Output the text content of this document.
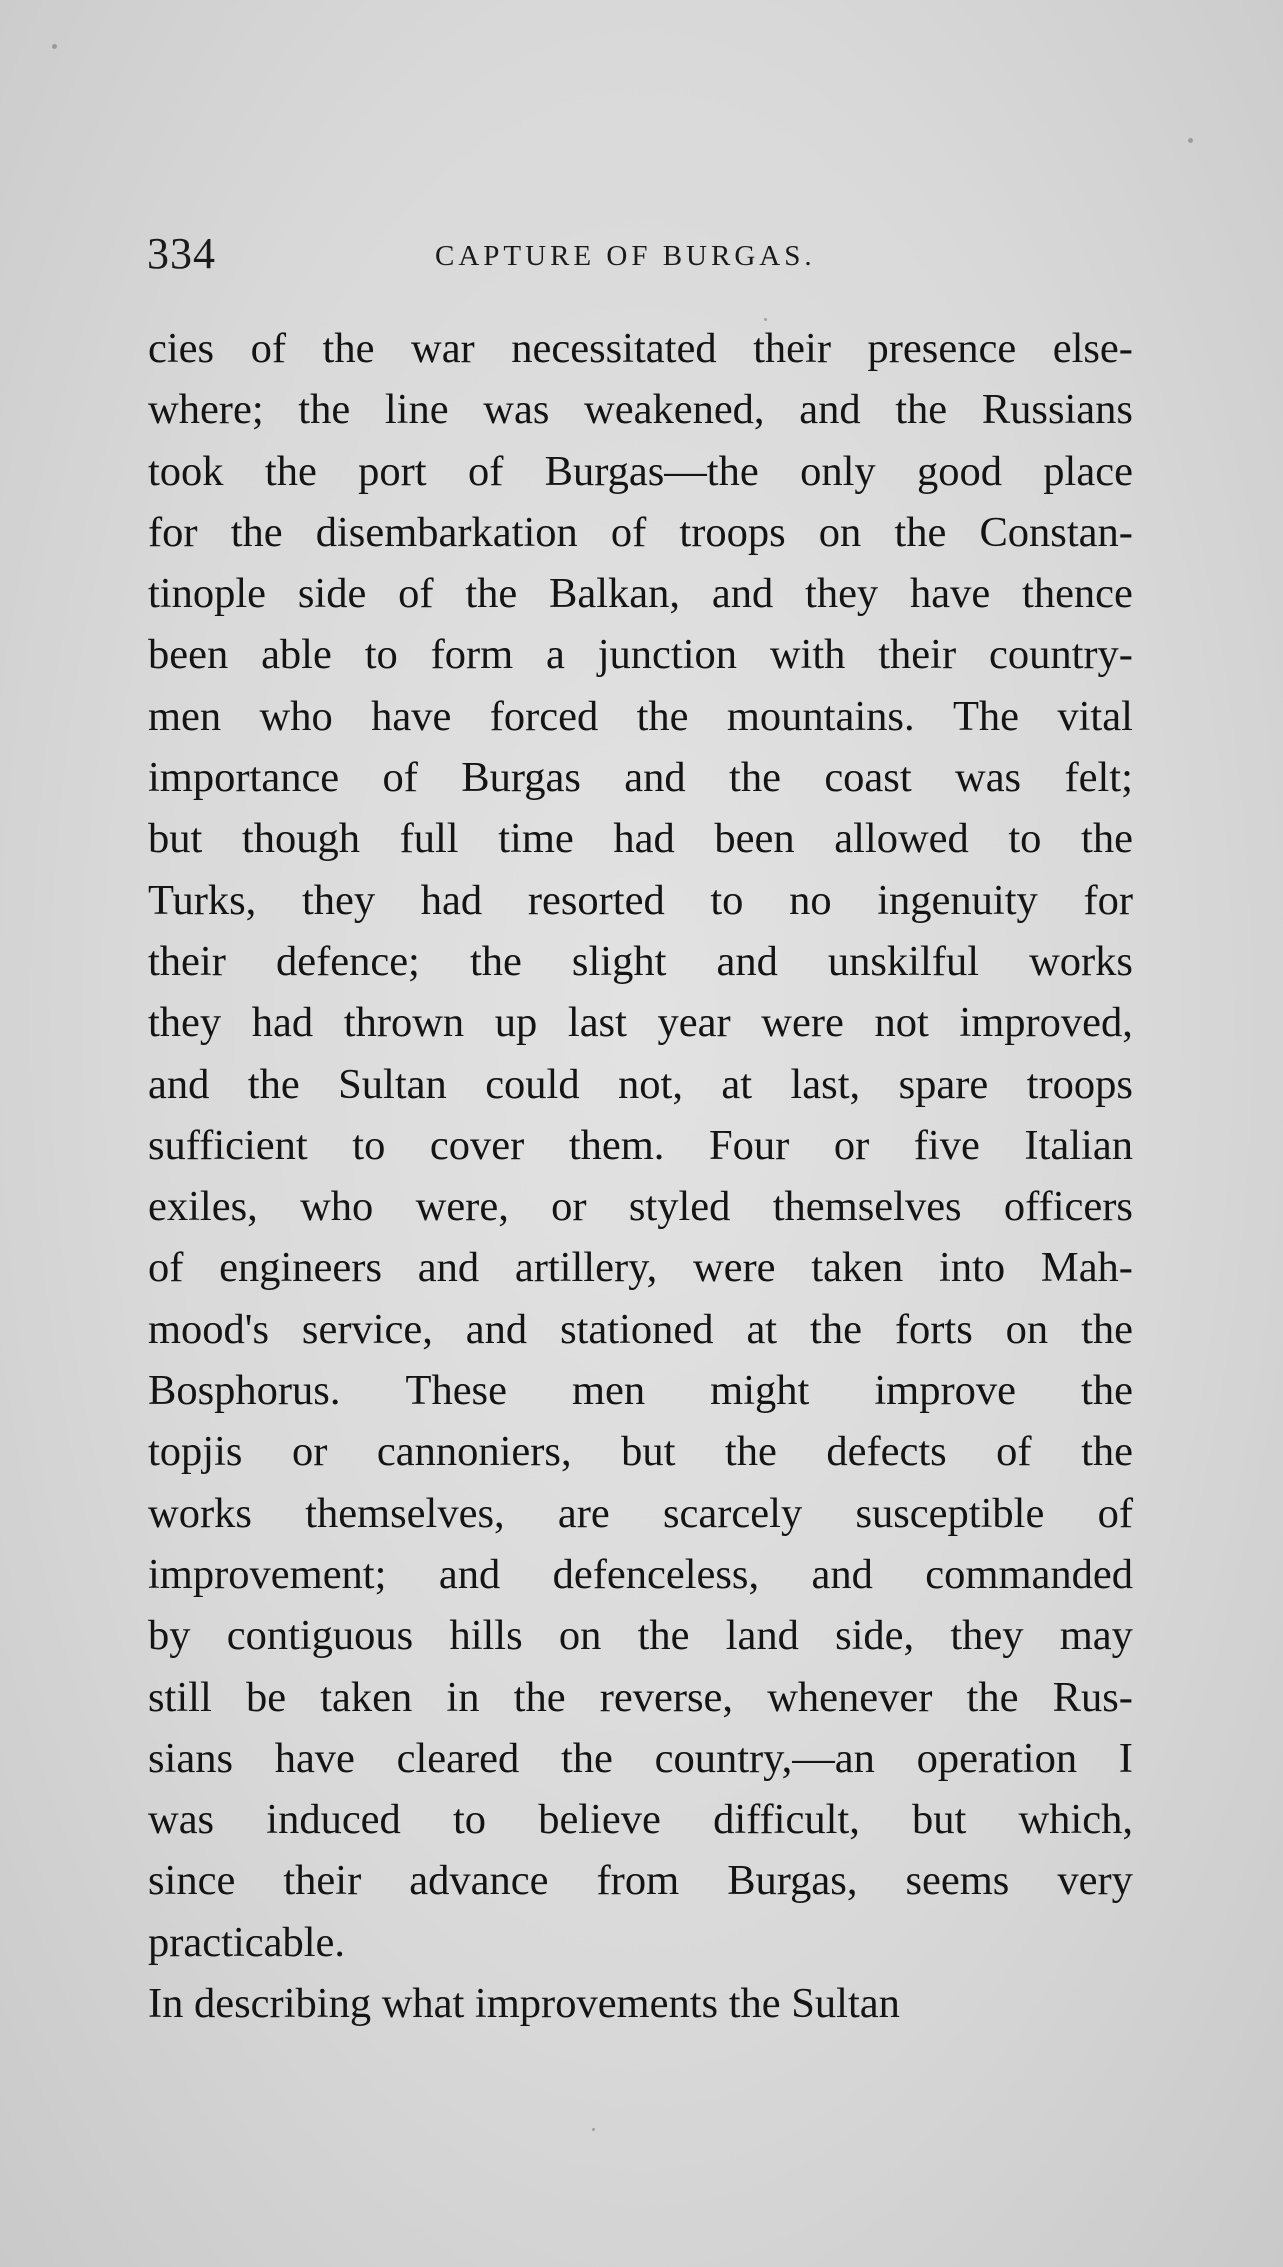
334	CAPTURE OF BURGAS.
cies of the war necessitated their presence else-
where; the line was weakened, and the Russians
took the port of Burgas—the only good place
for the disembarkation of troops on the Constan-
tinople side of the Balkan, and they have thence
been able to form a junction with their country-
men who have forced the mountains. The vital
importance of Burgas and the coast was felt;
but though full time had been allowed to the
Turks, they had resorted to no ingenuity for
their defence; the slight and unskilful works
they had thrown up last year were not improved,
and the Sultan could not, at last, spare troops
sufficient to cover them. Four or five Italian
exiles, who were, or styled themselves officers
of engineers and artillery, were taken into Mah-
mood's service, and stationed at the forts on the
Bosphorus. These men might improve the
topjis or cannoniers, but the defects of the
works themselves, are scarcely susceptible of
improvement; and defenceless, and commanded
by contiguous hills on the land side, they may
still be taken in the reverse, whenever the Rus-
sians have cleared the country,—an operation I
was induced to believe difficult, but which,
since their advance from Burgas, seems very
practicable.
In describing what improvements the Sultan
